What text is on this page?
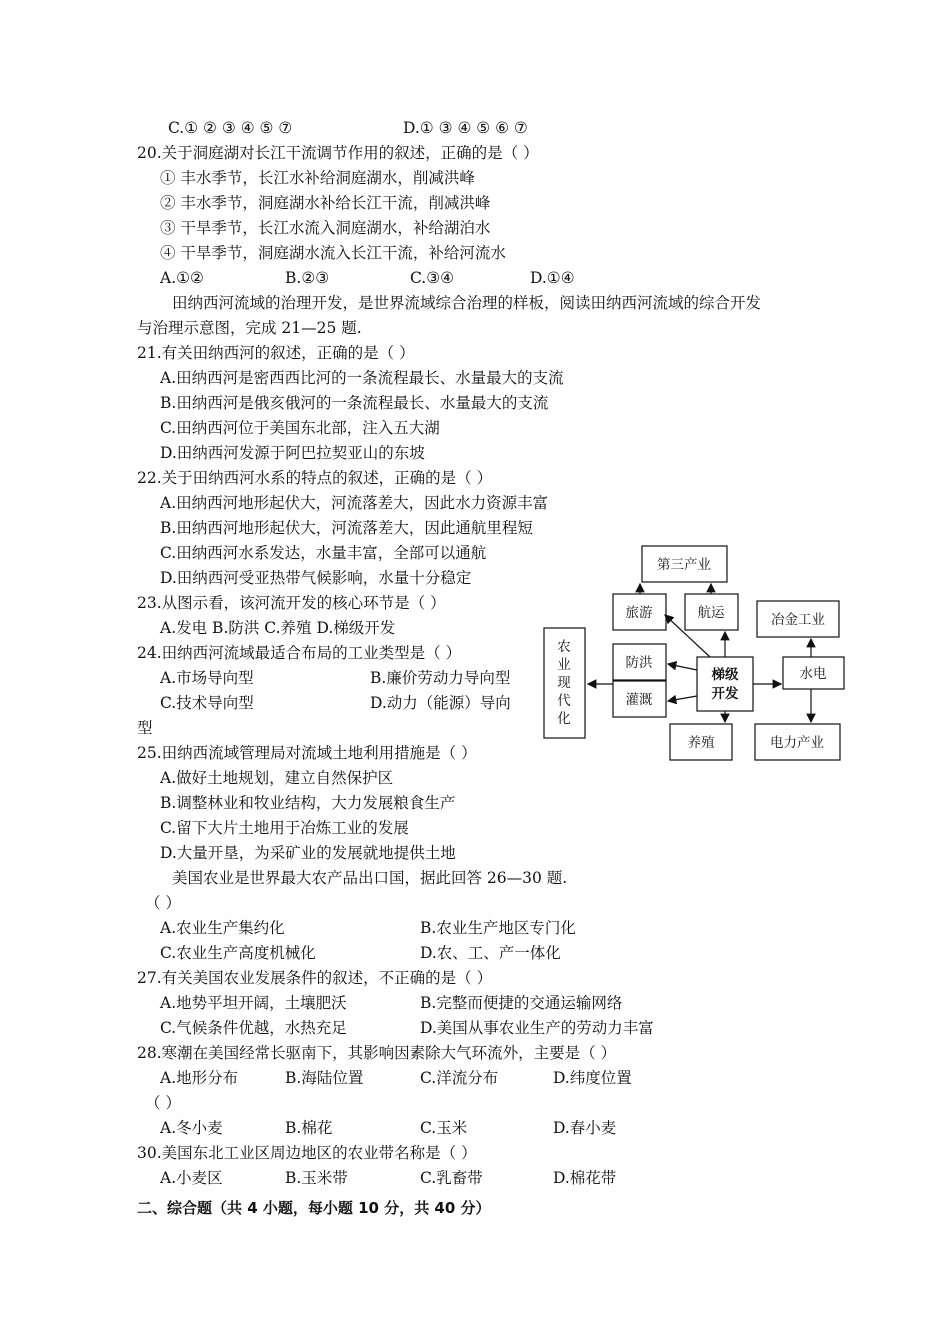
C.① ② ③ ④ ⑤ ⑦	D.① ③ ④ ⑤ ⑥ ⑦
20.关于洞庭湖对长江干流调节作用的叙述，正确的是（ ）
① 丰水季节，长江水补给洞庭湖水，削减洪峰
② 丰水季节，洞庭湖水补给长江干流，削减洪峰
③ 干旱季节，长江水流入洞庭湖水，补给湖泊水
④ 干旱季节，洞庭湖水流入长江干流，补给河流水
A.①②	B.②③	C.③④	D.①④
田纳西河流域的治理开发，是世界流域综合治理的样板，阅读田纳西河流域的综合开发
与治理示意图，完成 21—25 题.
21.有关田纳西河的叙述，正确的是（ ）
A.田纳西河是密西西比河的一条流程最长、水量最大的支流
B.田纳西河是俄亥俄河的一条流程最长、水量最大的支流
C.田纳西河位于美国东北部，注入五大湖
D.田纳西河发源于阿巴拉契亚山的东坡
22.关于田纳西河水系的特点的叙述，正确的是（ ）
A.田纳西河地形起伏大，河流落差大，因此水力资源丰富
B.田纳西河地形起伏大，河流落差大，因此通航里程短
C.田纳西河水系发达，水量丰富，全部可以通航
D.田纳西河受亚热带气候影响，水量十分稳定
23.从图示看，该河流开发的核心环节是（ ）
A.发电 B.防洪 C.养殖 D.梯级开发
24.田纳西河流域最适合布局的工业类型是（ ）
A.市场导向型	B.廉价劳动力导向型
C.技术导向型	D.动力（能源）导向
型
25.田纳西流域管理局对流域土地利用措施是（ ）
A.做好土地规划，建立自然保护区
B.调整林业和牧业结构，大力发展粮食生产
C.留下大片土地用于冶炼工业的发展
D.大量开垦，为采矿业的发展就地提供土地
美国农业是世界最大农产品出口国，据此回答 26—30 题.
（ ）
A.农业生产集约化	B.农业生产地区专门化
C.农业生产高度机械化	D.农、工、产一体化
27.有关美国农业发展条件的叙述，不正确的是（ ）
A.地势平坦开阔，土壤肥沃	B.完整而便捷的交通运输网络
C.气候条件优越，水热充足	D.美国从事农业生产的劳动力丰富
28.寒潮在美国经常长驱南下，其影响因素除大气环流外，主要是（ ）
A.地形分布	B.海陆位置	C.洋流分布	D.纬度位置
（ ）
A.冬小麦	B.棉花	C.玉米	D.春小麦
30.美国东北工业区周边地区的农业带名称是（ ）
A.小麦区	B.玉米带	C.乳畜带	D.棉花带
二、综合题（共 4 小题，每小题 10 分，共 40 分）
第三产业
旅游	航运	冶金工业
防洪
灌溉
水电
养殖	电力产业
梯级开发
农业现代化
